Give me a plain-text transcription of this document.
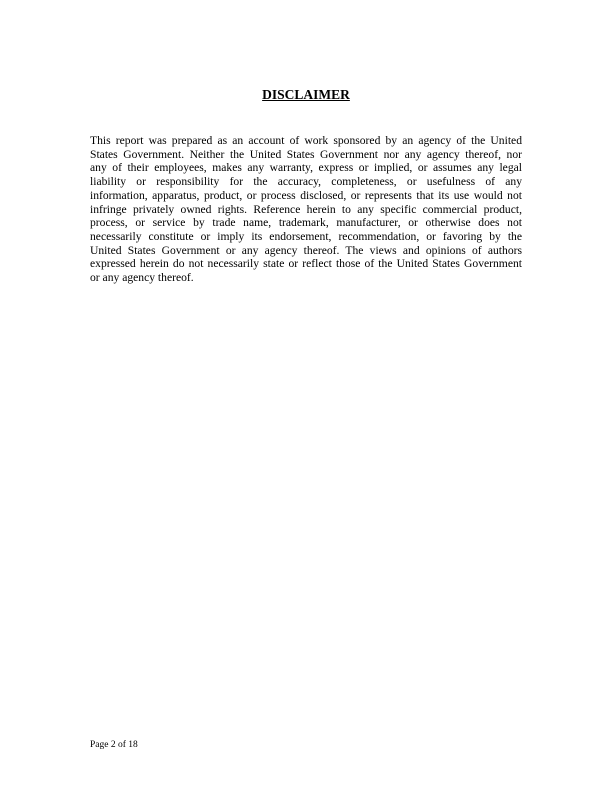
DISCLAIMER
This report was prepared as an account of work sponsored by an agency of the United
States Government. Neither the United States Government nor any agency thereof, nor
any of their employees, makes any warranty, express or implied, or assumes any legal
liability or responsibility for the accuracy, completeness, or usefulness of any
information, apparatus, product, or process disclosed, or represents that its use would not
infringe privately owned rights. Reference herein to any specific commercial product,
process, or service by trade name, trademark, manufacturer, or otherwise does not
necessarily constitute or imply its endorsement, recommendation, or favoring by the
United States Government or any agency thereof. The views and opinions of authors
expressed herein do not necessarily state or reflect those of the United States Government
or any agency thereof.
Page 2 of 18
